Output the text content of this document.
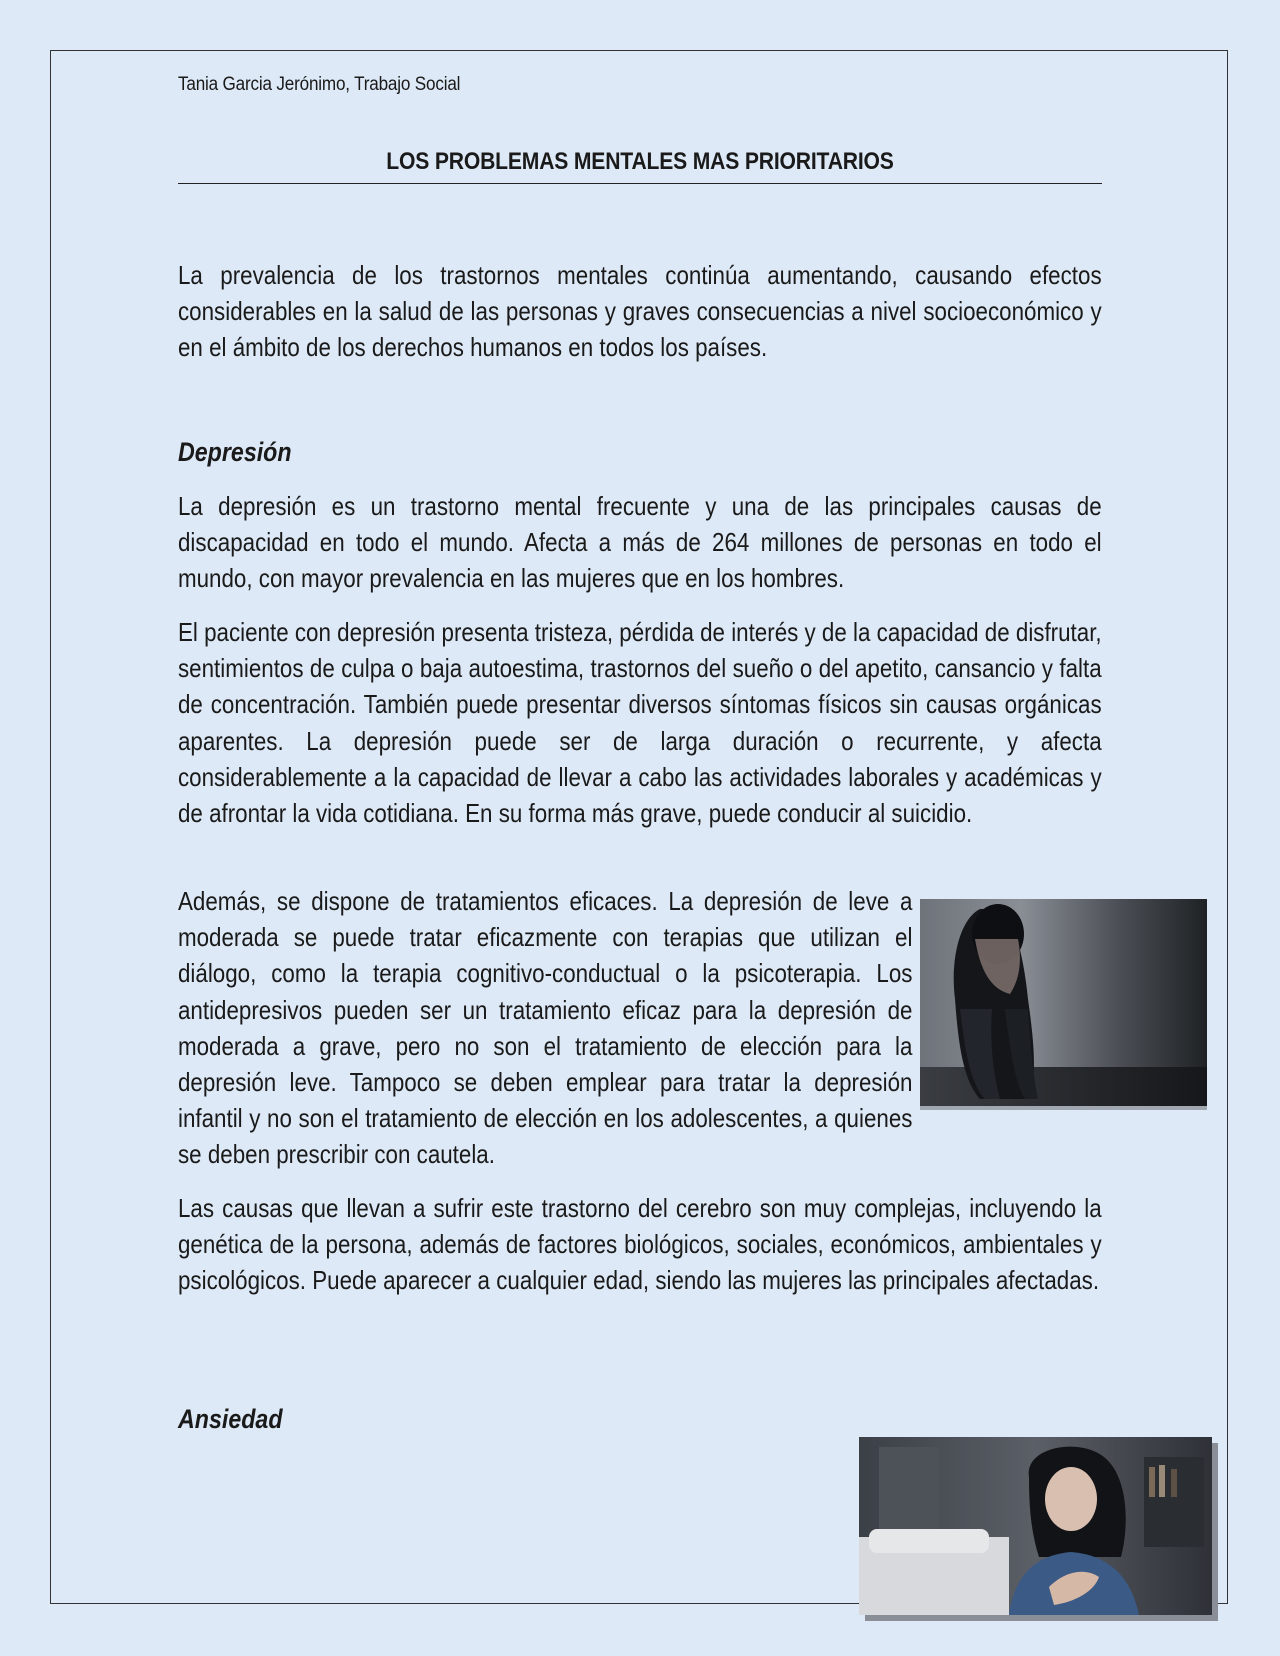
Tania Garcia Jerónimo, Trabajo Social
LOS PROBLEMAS MENTALES MAS PRIORITARIOS
La prevalencia de los trastornos mentales continúa aumentando, causando efectos considerables en la salud de las personas y graves consecuencias a nivel socioeconómico y en el ámbito de los derechos humanos en todos los países.
Depresión
La depresión es un trastorno mental frecuente y una de las principales causas de discapacidad en todo el mundo. Afecta a más de 264 millones de personas en todo el mundo, con mayor prevalencia en las mujeres que en los hombres.
El paciente con depresión presenta tristeza, pérdida de interés y de la capacidad de disfrutar, sentimientos de culpa o baja autoestima, trastornos del sueño o del apetito, cansancio y falta de concentración. También puede presentar diversos síntomas físicos sin causas orgánicas aparentes. La depresión puede ser de larga duración o recurrente, y afecta considerablemente a la capacidad de llevar a cabo las actividades laborales y académicas y de afrontar la vida cotidiana. En su forma más grave, puede conducir al suicidio.
Además, se dispone de tratamientos eficaces. La depresión de leve a moderada se puede tratar eficazmente con terapias que utilizan el diálogo, como la terapia cognitivo-conductual o la psicoterapia. Los antidepresivos pueden ser un tratamiento eficaz para la depresión de moderada a grave, pero no son el tratamiento de elección para la depresión leve. Tampoco se deben emplear para tratar la depresión infantil y no son el tratamiento de elección en los adolescentes, a quienes se deben prescribir con cautela.
Las causas que llevan a sufrir este trastorno del cerebro son muy complejas, incluyendo la genética de la persona, además de factores biológicos, sociales, económicos, ambientales y psicológicos. Puede aparecer a cualquier edad, siendo las mujeres las principales afectadas.
Ansiedad
